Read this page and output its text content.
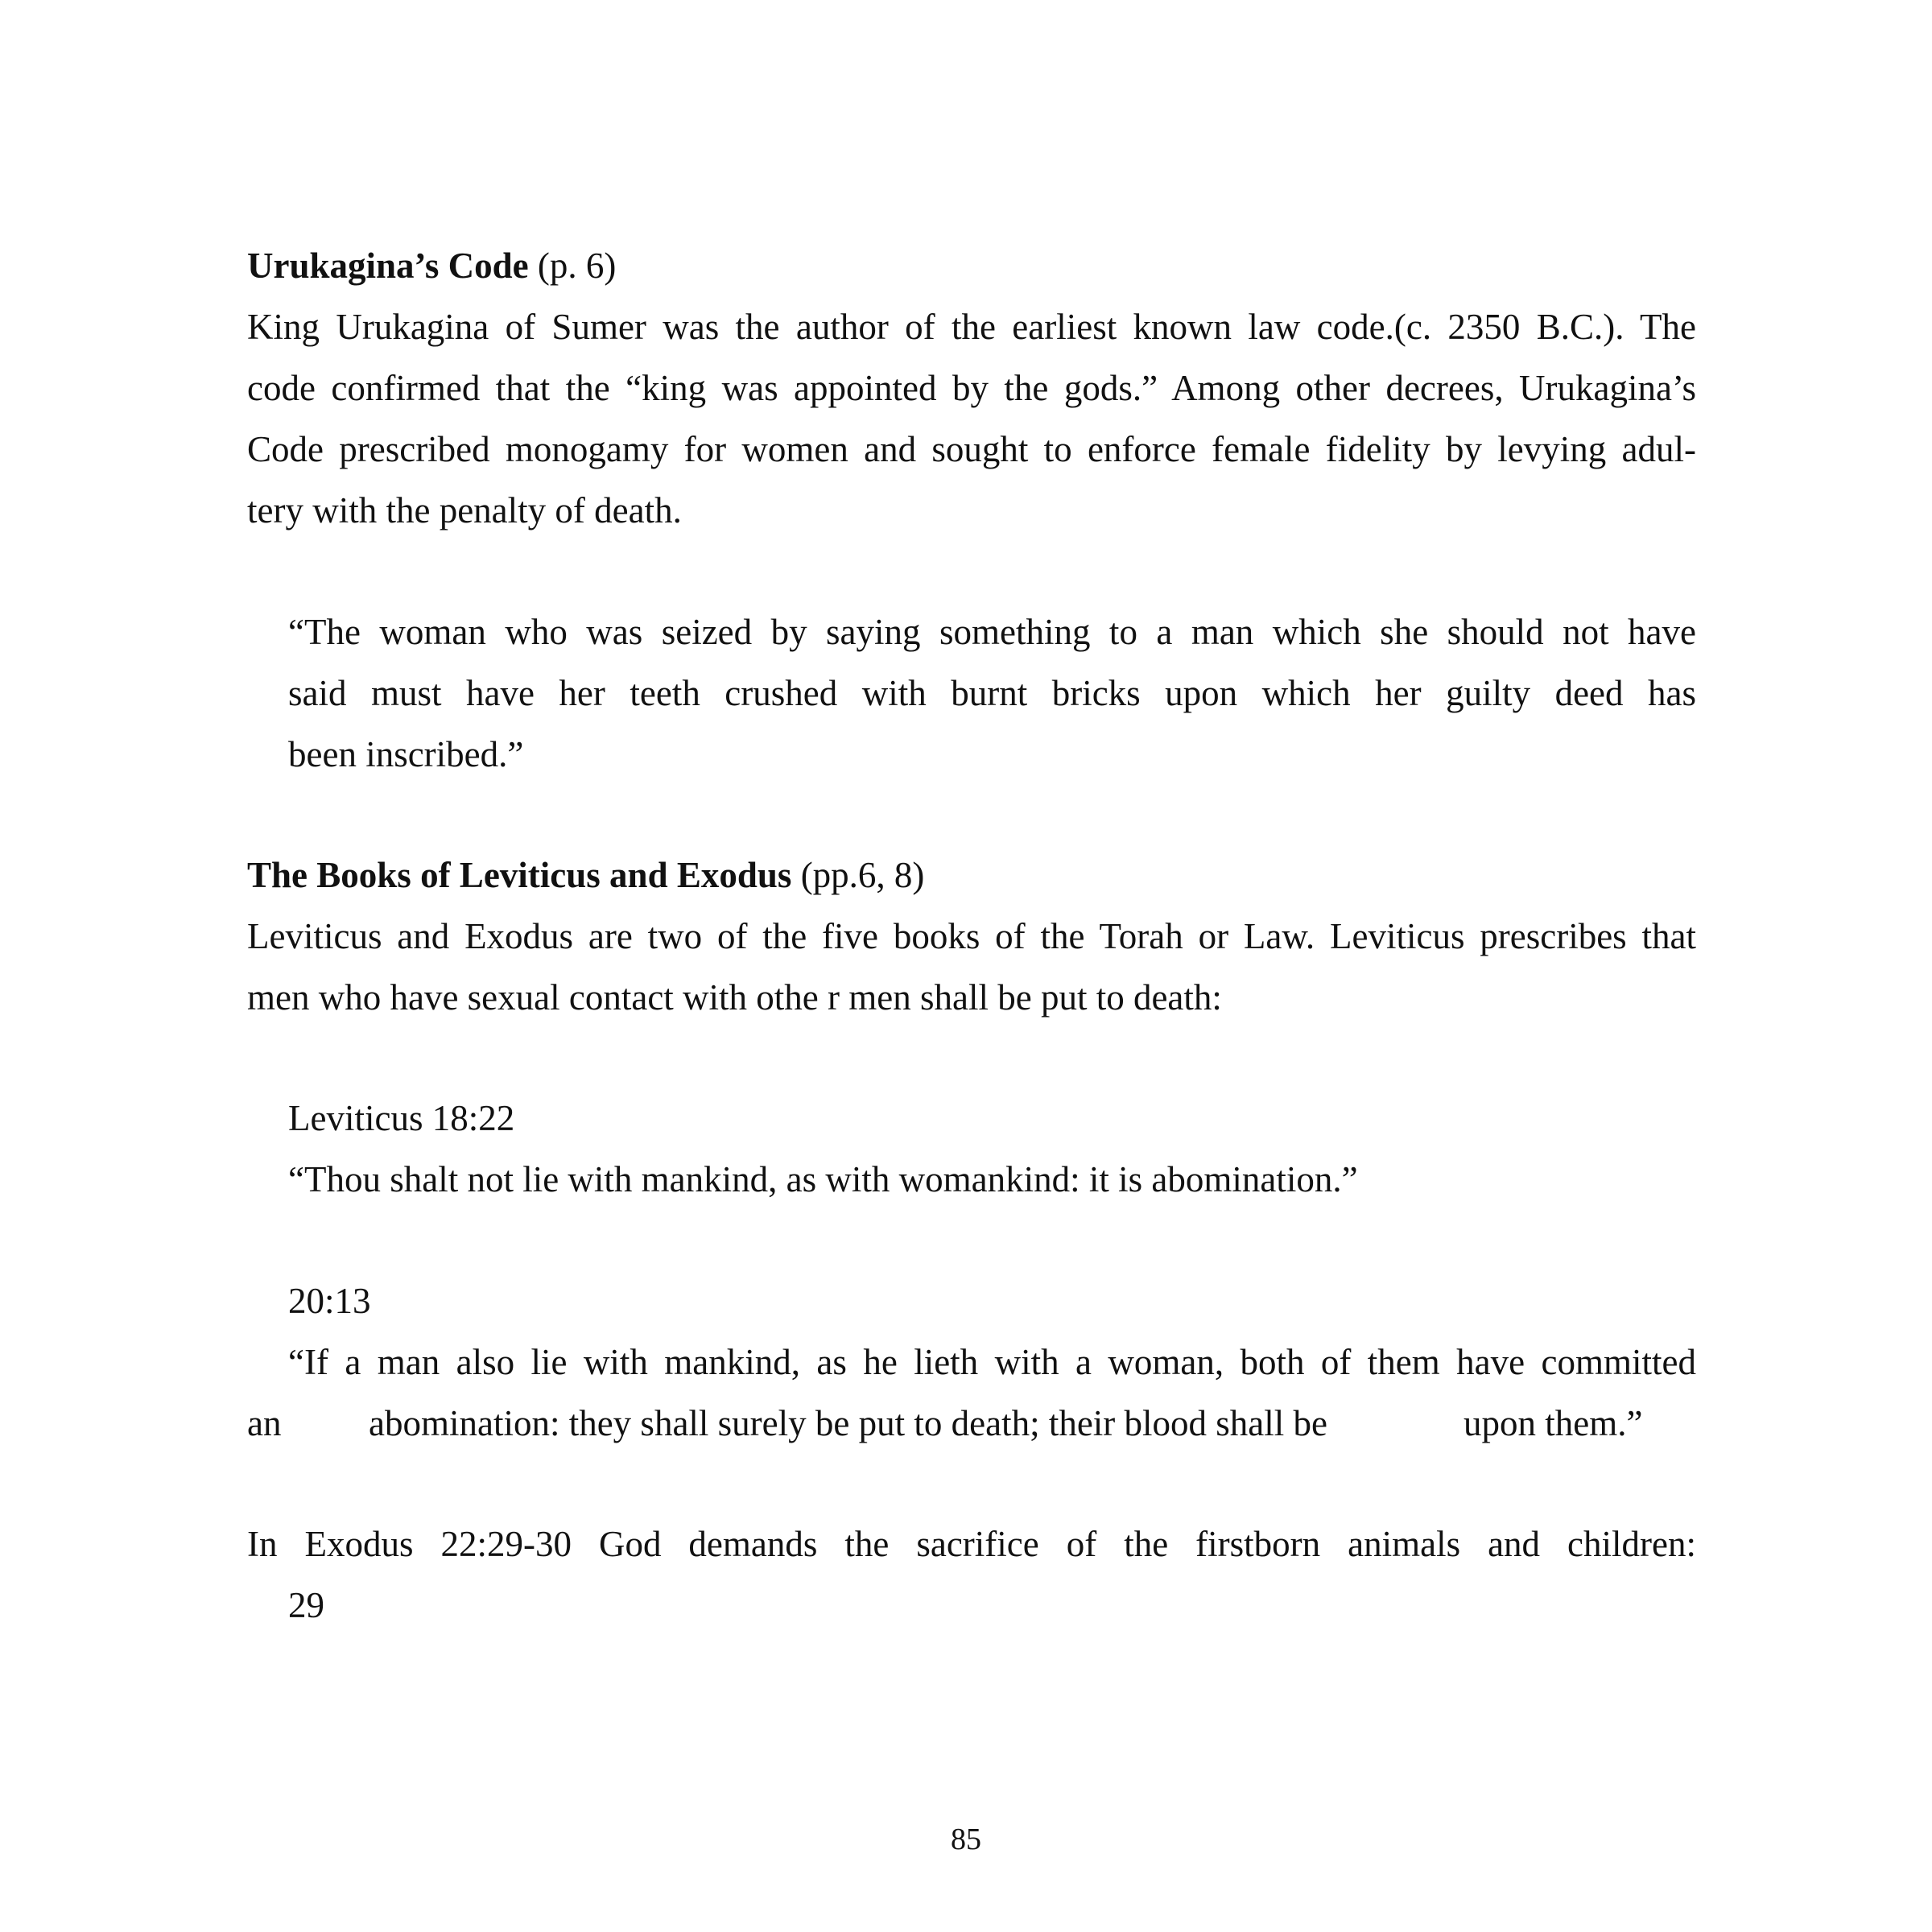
Urukagina’s Code (p. 6)
King Urukagina of Sumer was the author of the earliest known law code.(c. 2350 B.C.). The
code confirmed that the “king was appointed by the gods.” Among other decrees, Urukagina’s
Code prescribed monogamy for women and sought to enforce female fidelity by levying adul-
tery with the penalty of death.
“The woman who was seized by saying something to a man which she should not have
said must have her teeth crushed with burnt bricks upon which her guilty deed has
been inscribed.”
The Books of Leviticus and Exodus (pp.6, 8)
Leviticus and Exodus are two of the five books of the Torah or Law. Leviticus prescribes that
men who have sexual contact with othe r men shall be put to death:
Leviticus 18:22
“Thou shalt not lie with mankind, as with womankind: it is abomination.”
20:13
“If a man also lie with mankind, as he lieth with a woman, both of them have committed
an abomination: they shall surely be put to death; their blood shall be	upon them.”
In Exodus 22:29-30 God demands the sacrifice of the firstborn animals and children:
29
85
